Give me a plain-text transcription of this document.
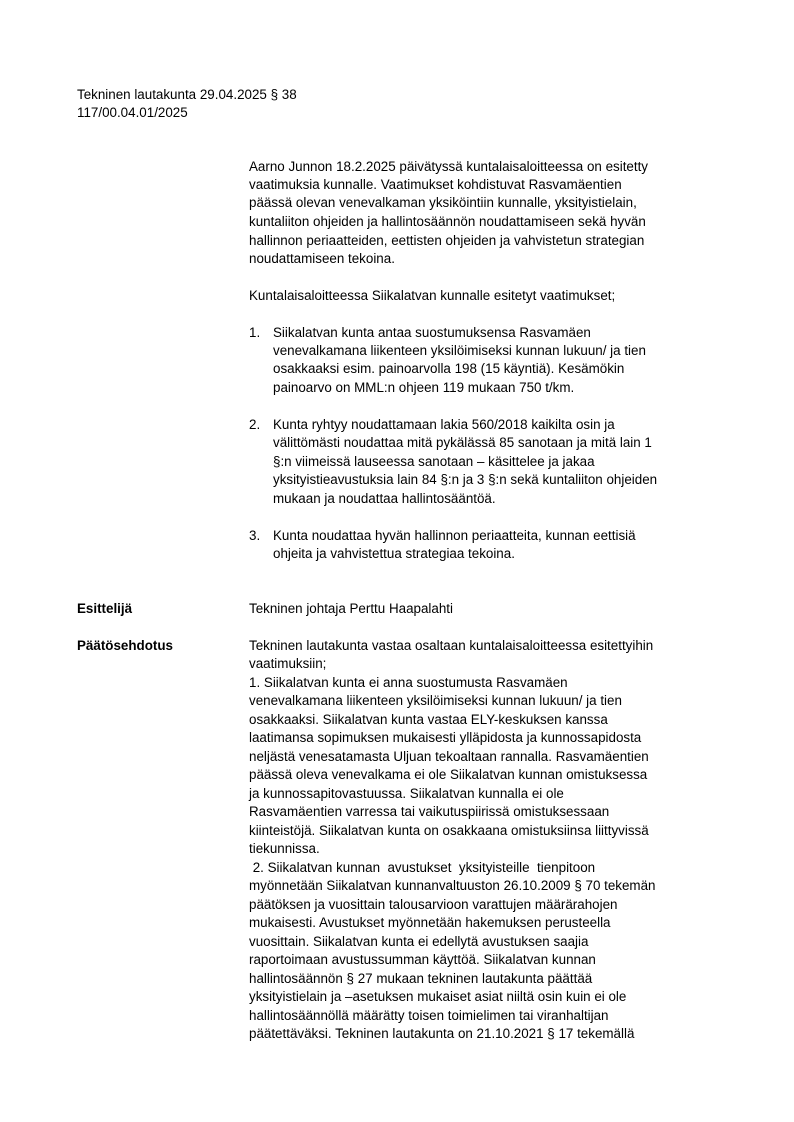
Tekninen lautakunta 29.04.2025 § 38
117/00.04.01/2025
Aarno Junnon 18.2.2025 päivätyssä kuntalaisaloitteessa on esitetty
vaatimuksia kunnalle. Vaatimukset kohdistuvat Rasvamäentien
päässä olevan venevalkaman yksiköintiin kunnalle, yksityistielain,
kuntaliiton ohjeiden ja hallintosäännön noudattamiseen sekä hyvän
hallinnon periaatteiden, eettisten ohjeiden ja vahvistetun strategian
noudattamiseen tekoina.
Kuntalaisaloitteessa Siikalatvan kunnalle esitetyt vaatimukset;
1. Siikalatvan kunta antaa suostumuksensa Rasvamäen
venevalkamana liikenteen yksilöimiseksi kunnan lukuun/ ja tien
osakkaaksi esim. painoarvolla 198 (15 käyntiä). Kesämökin
painoarvo on MML:n ohjeen 119 mukaan 750 t/km.
2. Kunta ryhtyy noudattamaan lakia 560/2018 kaikilta osin ja
välittömästi noudattaa mitä pykälässä 85 sanotaan ja mitä lain 1
§:n viimeissä lauseessa sanotaan – käsittelee ja jakaa
yksityistieavustuksia lain 84 §:n ja 3 §:n sekä kuntaliiton ohjeiden
mukaan ja noudattaa hallintosääntöä.
3. Kunta noudattaa hyvän hallinnon periaatteita, kunnan eettisiä
ohjeita ja vahvistettua strategiaa tekoina.
Esittelijä	Tekninen johtaja Perttu Haapalahti
Päätösehdotus	Tekninen lautakunta vastaa osaltaan kuntalaisaloitteessa esitettyihin
vaatimuksiin;
1. Siikalatvan kunta ei anna suostumusta Rasvamäen
venevalkamana liikenteen yksilöimiseksi kunnan lukuun/ ja tien
osakkaaksi. Siikalatvan kunta vastaa ELY-keskuksen kanssa
laatimansa sopimuksen mukaisesti ylläpidosta ja kunnossapidosta
neljästä venesatamasta Uljuan tekoaltaan rannalla. Rasvamäentien
päässä oleva venevalkama ei ole Siikalatvan kunnan omistuksessa
ja kunnossapitovastuussa. Siikalatvan kunnalla ei ole
Rasvamäentien varressa tai vaikutuspiirissä omistuksessaan
kiinteistöjä. Siikalatvan kunta on osakkaana omistuksiinsa liittyvissä
tiekunnissa.
2. Siikalatvan kunnan  avustukset  yksityisteille  tienpitoon
myönnetään Siikalatvan kunnanvaltuuston 26.10.2009 § 70 tekemän
päätöksen ja vuosittain talousarvioon varattujen määrärahojen
mukaisesti. Avustukset myönnetään hakemuksen perusteella
vuosittain. Siikalatvan kunta ei edellytä avustuksen saajia
raportoimaan avustussumman käyttöä. Siikalatvan kunnan
hallintosäännön § 27 mukaan tekninen lautakunta päättää
yksityistielain ja –asetuksen mukaiset asiat niiltä osin kuin ei ole
hallintosäännöllä määrätty toisen toimielimen tai viranhaltijan
päätettäväksi. Tekninen lautakunta on 21.10.2021 § 17 tekemällä
